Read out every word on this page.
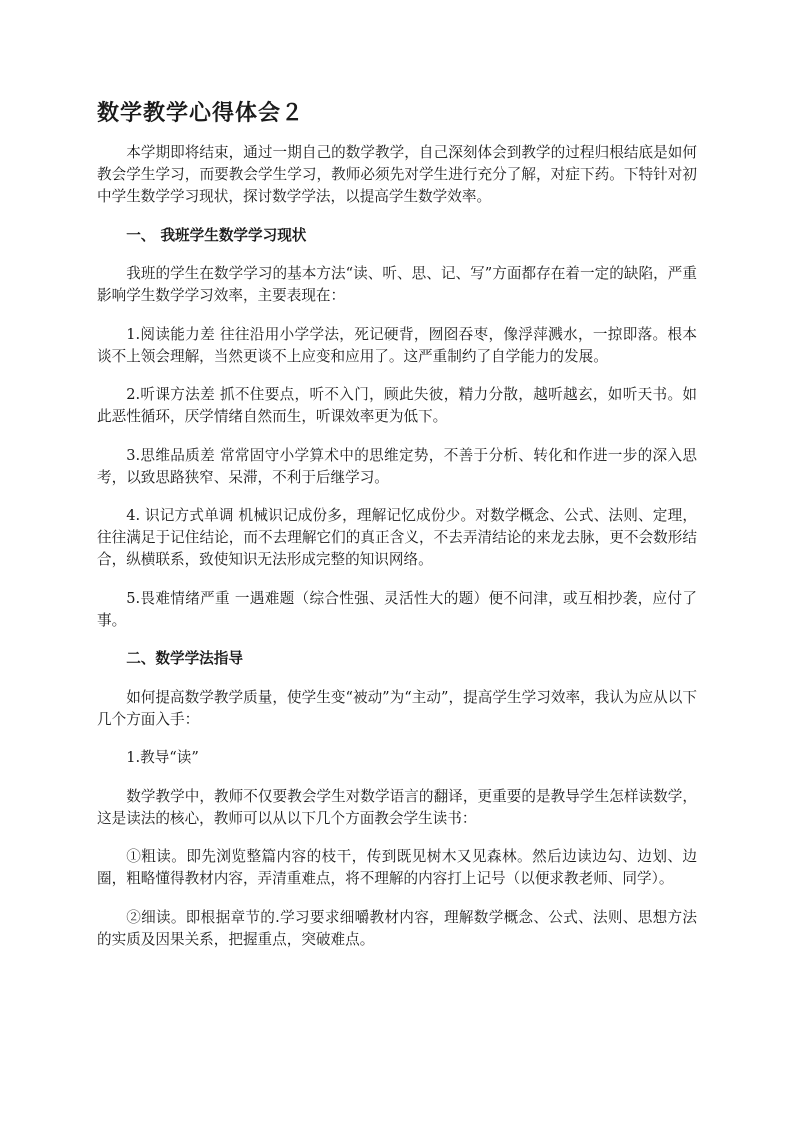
数学教学心得体会２

本学期即将结束，通过一期自己的数学教学，自己深刻体会到教学的过程归根结底是如何教会学生学习，而要教会学生学习，教师必须先对学生进行充分了解，对症下药。下特针对初中学生数学学习现状，探讨数学学法，以提高学生数学效率。

一、 我班学生数学学习现状

我班的学生在数学学习的基本方法“读、听、思、记、写”方面都存在着一定的缺陷，严重影响学生数学学习效率，主要表现在：

1.阅读能力差 往往沿用小学学法，死记硬背，囫囵吞枣，像浮萍溅水，一掠即落。根本谈不上领会理解，当然更谈不上应变和应用了。这严重制约了自学能力的发展。

2.听课方法差 抓不住要点，听不入门，顾此失彼，精力分散，越听越玄，如听天书。如此恶性循环，厌学情绪自然而生，听课效率更为低下。

3.思维品质差 常常固守小学算术中的思维定势，不善于分析、转化和作进一步的深入思考，以致思路狭窄、呆滞，不利于后继学习。

4. 识记方式单调 机械识记成份多，理解记忆成份少。对数学概念、公式、法则、定理，往往满足于记住结论，而不去理解它们的真正含义，不去弄清结论的来龙去脉，更不会数形结合，纵横联系，致使知识无法形成完整的知识网络。

5.畏难情绪严重 一遇难题（综合性强、灵活性大的题）便不问津，或互相抄袭，应付了事。

二、数学学法指导

如何提高数学教学质量，使学生变“被动”为“主动”，提高学生学习效率，我认为应从以下几个方面入手：

1.教导“读”

数学教学中，教师不仅要教会学生对数学语言的翻译，更重要的是教导学生怎样读数学，这是读法的核心，教师可以从以下几个方面教会学生读书：

①粗读。即先浏览整篇内容的枝干，传到既见树木又见森林。然后边读边勾、边划、边圈，粗略懂得教材内容，弄清重难点，将不理解的内容打上记号（以便求教老师、同学）。

②细读。即根据章节的.学习要求细嚼教材内容，理解数学概念、公式、法则、思想方法的实质及因果关系，把握重点，突破难点。
